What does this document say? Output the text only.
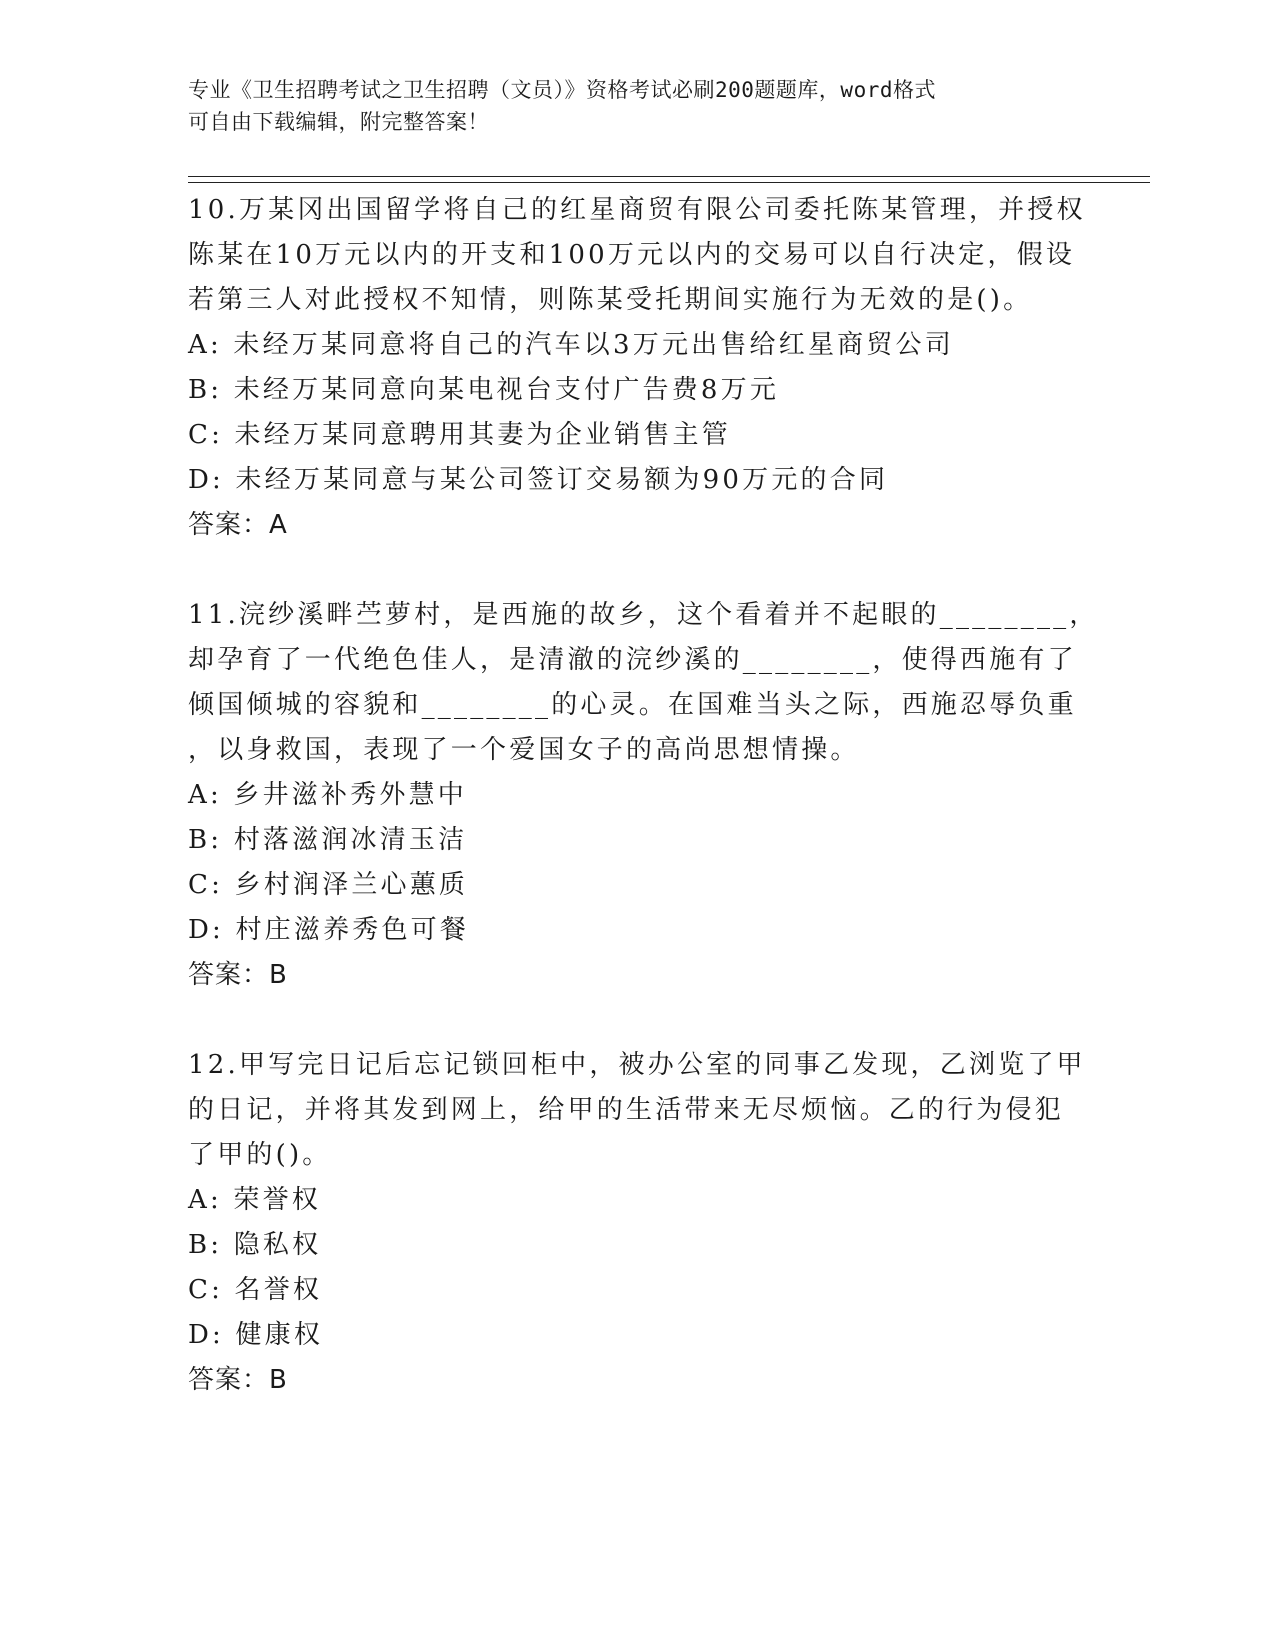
专业《卫生招聘考试之卫生招聘（文员）》资格考试必刷200题题库，word格式
可自由下载编辑，附完整答案！
10.万某冈出国留学将自己的红星商贸有限公司委托陈某管理，并授权
陈某在10万元以内的开支和100万元以内的交易可以自行决定，假设
若第三人对此授权不知情，则陈某受托期间实施行为无效的是()。
A: 未经万某同意将自己的汽车以3万元出售给红星商贸公司
B: 未经万某同意向某电视台支付广告费8万元
C: 未经万某同意聘用其妻为企业销售主管
D: 未经万某同意与某公司签订交易额为90万元的合同
答案：A
11.浣纱溪畔苎萝村，是西施的故乡，这个看着并不起眼的________，
却孕育了一代绝色佳人，是清澈的浣纱溪的________，使得西施有了
倾国倾城的容貌和________的心灵。在国难当头之际，西施忍辱负重
，以身救国，表现了一个爱国女子的高尚思想情操。
A: 乡井滋补秀外慧中
B: 村落滋润冰清玉洁
C: 乡村润泽兰心蕙质
D: 村庄滋养秀色可餐
答案：B
12.甲写完日记后忘记锁回柜中，被办公室的同事乙发现，乙浏览了甲
的日记，并将其发到网上，给甲的生活带来无尽烦恼。乙的行为侵犯
了甲的()。
A: 荣誉权
B: 隐私权
C: 名誉权
D: 健康权
答案：B
